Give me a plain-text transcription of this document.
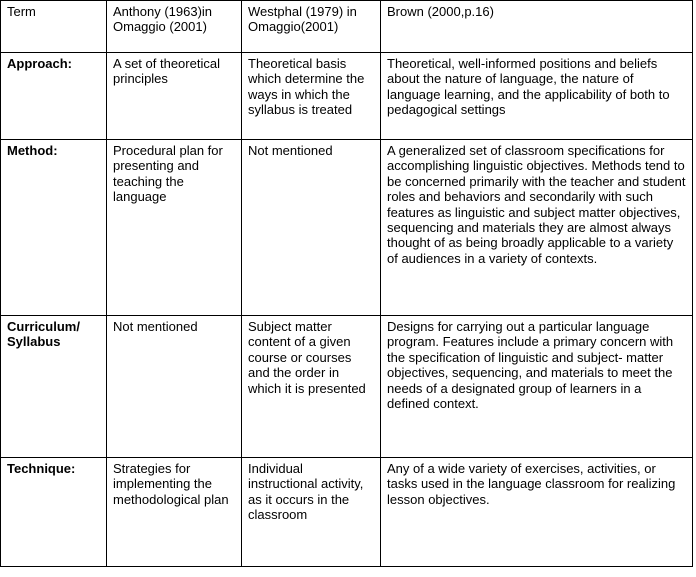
Term	Anthony (1963)in Omaggio (2001)	Westphal (1979) in Omaggio(2001)	Brown (2000,p.16)
Approach:	A set of theoretical principles	Theoretical basis which determine the ways in which the syllabus is treated	Theoretical, well-informed positions and beliefs about the nature of language, the nature of language learning, and the applicability of both to pedagogical settings
Method:	Procedural plan for presenting and teaching the language	Not mentioned	A generalized set of classroom specifications for accomplishing linguistic objectives. Methods tend to be concerned primarily with the teacher and student roles and behaviors and secondarily with such features as linguistic and subject matter objectives, sequencing and materials they are almost always thought of as being broadly applicable to a variety of audiences in a variety of contexts.
Curriculum/ Syllabus	Not mentioned	Subject matter content of a given course or courses and the order in which it is presented	Designs for carrying out a particular language program. Features include a primary concern with the specification of linguistic and subject- matter objectives, sequencing, and materials to meet the needs of a designated group of learners in a defined context.
Technique:	Strategies for implementing the methodological plan	Individual instructional activity, as it occurs in the classroom	Any of a wide variety of exercises, activities, or tasks used in the language classroom for realizing lesson objectives.
